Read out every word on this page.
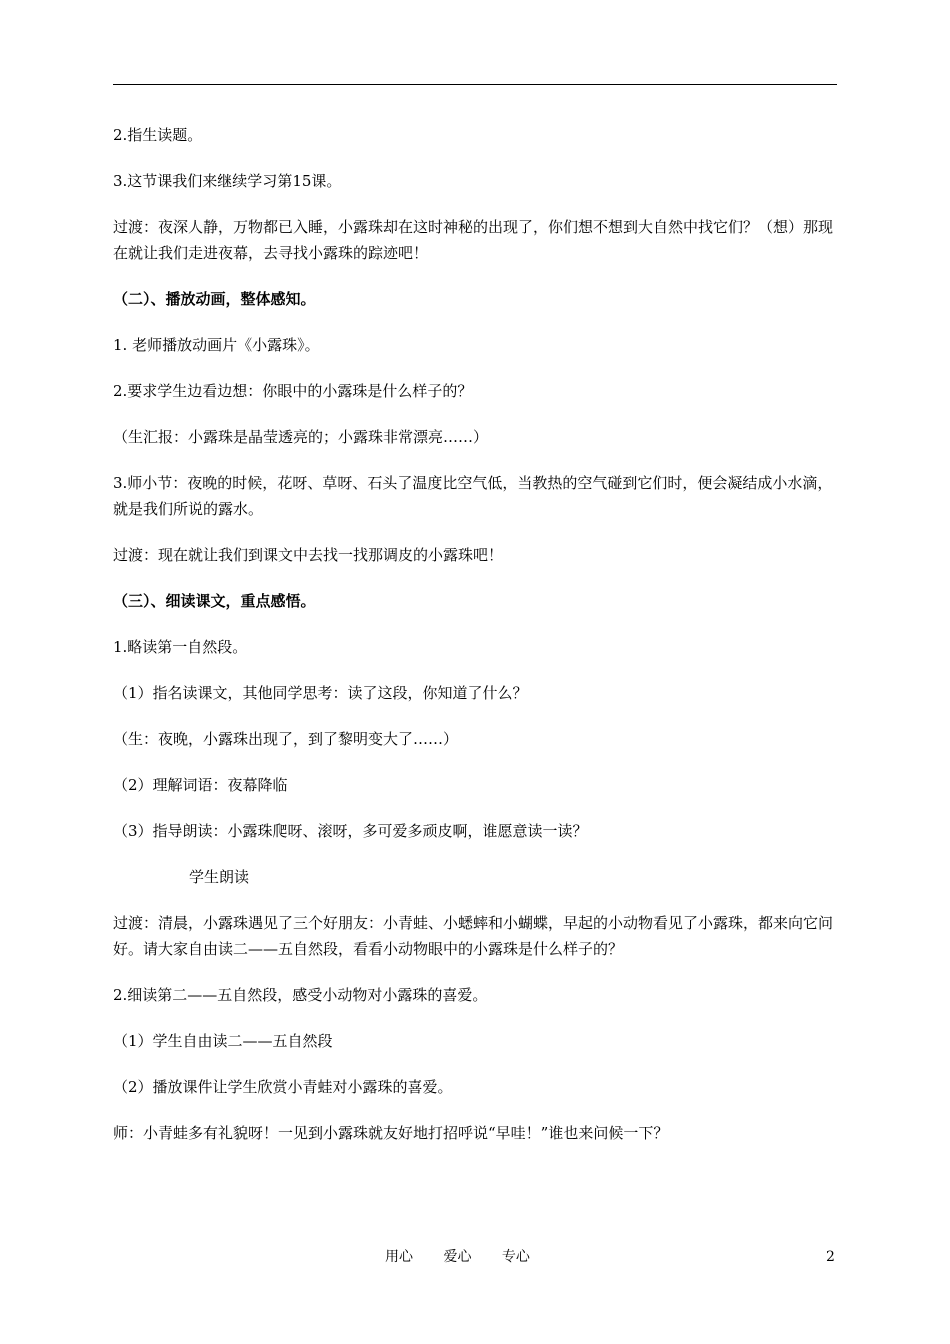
2.指生读题。

3.这节课我们来继续学习第15课。

过渡：夜深人静，万物都已入睡，小露珠却在这时神秘的出现了，你们想不想到大自然中找它们？（想）那现在就让我们走进夜幕，去寻找小露珠的踪迹吧！

（二）、播放动画，整体感知。

1. 老师播放动画片《小露珠》。

2.要求学生边看边想：你眼中的小露珠是什么样子的？

（生汇报：小露珠是晶莹透亮的；小露珠非常漂亮……）

3.师小节：夜晚的时候，花呀、草呀、石头了温度比空气低，当教热的空气碰到它们时，便会凝结成小水滴，就是我们所说的露水。

过渡：现在就让我们到课文中去找一找那调皮的小露珠吧！

（三）、细读课文，重点感悟。

1.略读第一自然段。

（1）指名读课文，其他同学思考：读了这段，你知道了什么？

（生：夜晚，小露珠出现了，到了黎明变大了……）

（2）理解词语：夜幕降临

（3）指导朗读：小露珠爬呀、滚呀，多可爱多顽皮啊，谁愿意读一读？

学生朗读

过渡：清晨，小露珠遇见了三个好朋友：小青蛙、小蟋蟀和小蝴蝶，早起的小动物看见了小露珠，都来向它问好。请大家自由读二——五自然段，看看小动物眼中的小露珠是什么样子的？

2.细读第二——五自然段，感受小动物对小露珠的喜爱。

（1）学生自由读二——五自然段

（2）播放课件让学生欣赏小青蛙对小露珠的喜爱。

师：小青蛙多有礼貌呀！一见到小露珠就友好地打招呼说“早哇！”谁也来问候一下？

用心 爱心 专心	2
